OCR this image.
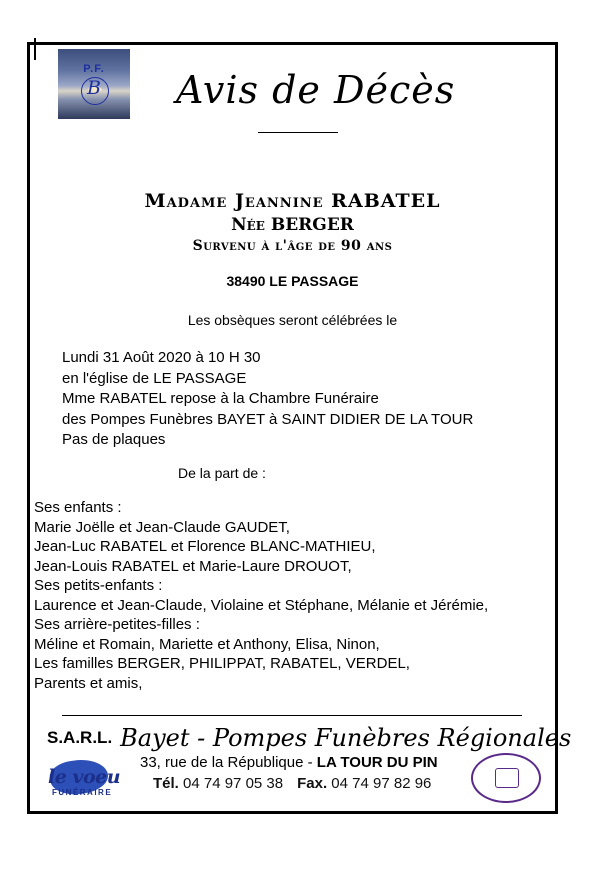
P.F.
B	Avis de Décès
Madame Jeannine RABATEL
Née BERGER
Survenu à l'âge de 90 ans
38490 LE PASSAGE
Les obsèques seront célébrées le
Lundi 31 Août 2020 à 10 H 30
en l'église de LE PASSAGE
Mme RABATEL repose à la Chambre Funéraire
des Pompes Funèbres BAYET à SAINT DIDIER DE LA TOUR
Pas de plaques
De la part de :
Ses enfants :
Marie Joëlle et Jean-Claude GAUDET,
Jean-Luc RABATEL et Florence BLANC-MATHIEU,
Jean-Louis RABATEL et Marie-Laure DROUOT,
Ses petits-enfants :
Laurence et Jean-Claude, Violaine et Stéphane, Mélanie et Jérémie,
Ses arrière-petites-filles :
Méline et Romain, Mariette et Anthony, Elisa, Ninon,
Les familles BERGER, PHILIPPAT, RABATEL, VERDEL,
Parents et amis,
S.A.R.L. Bayet - Pompes Funèbres Régionales
le voeu
FUNÉRAIRE
33, rue de la République - LA TOUR DU PIN
Tél. 04 74 97 05 38 Fax. 04 74 97 82 96
